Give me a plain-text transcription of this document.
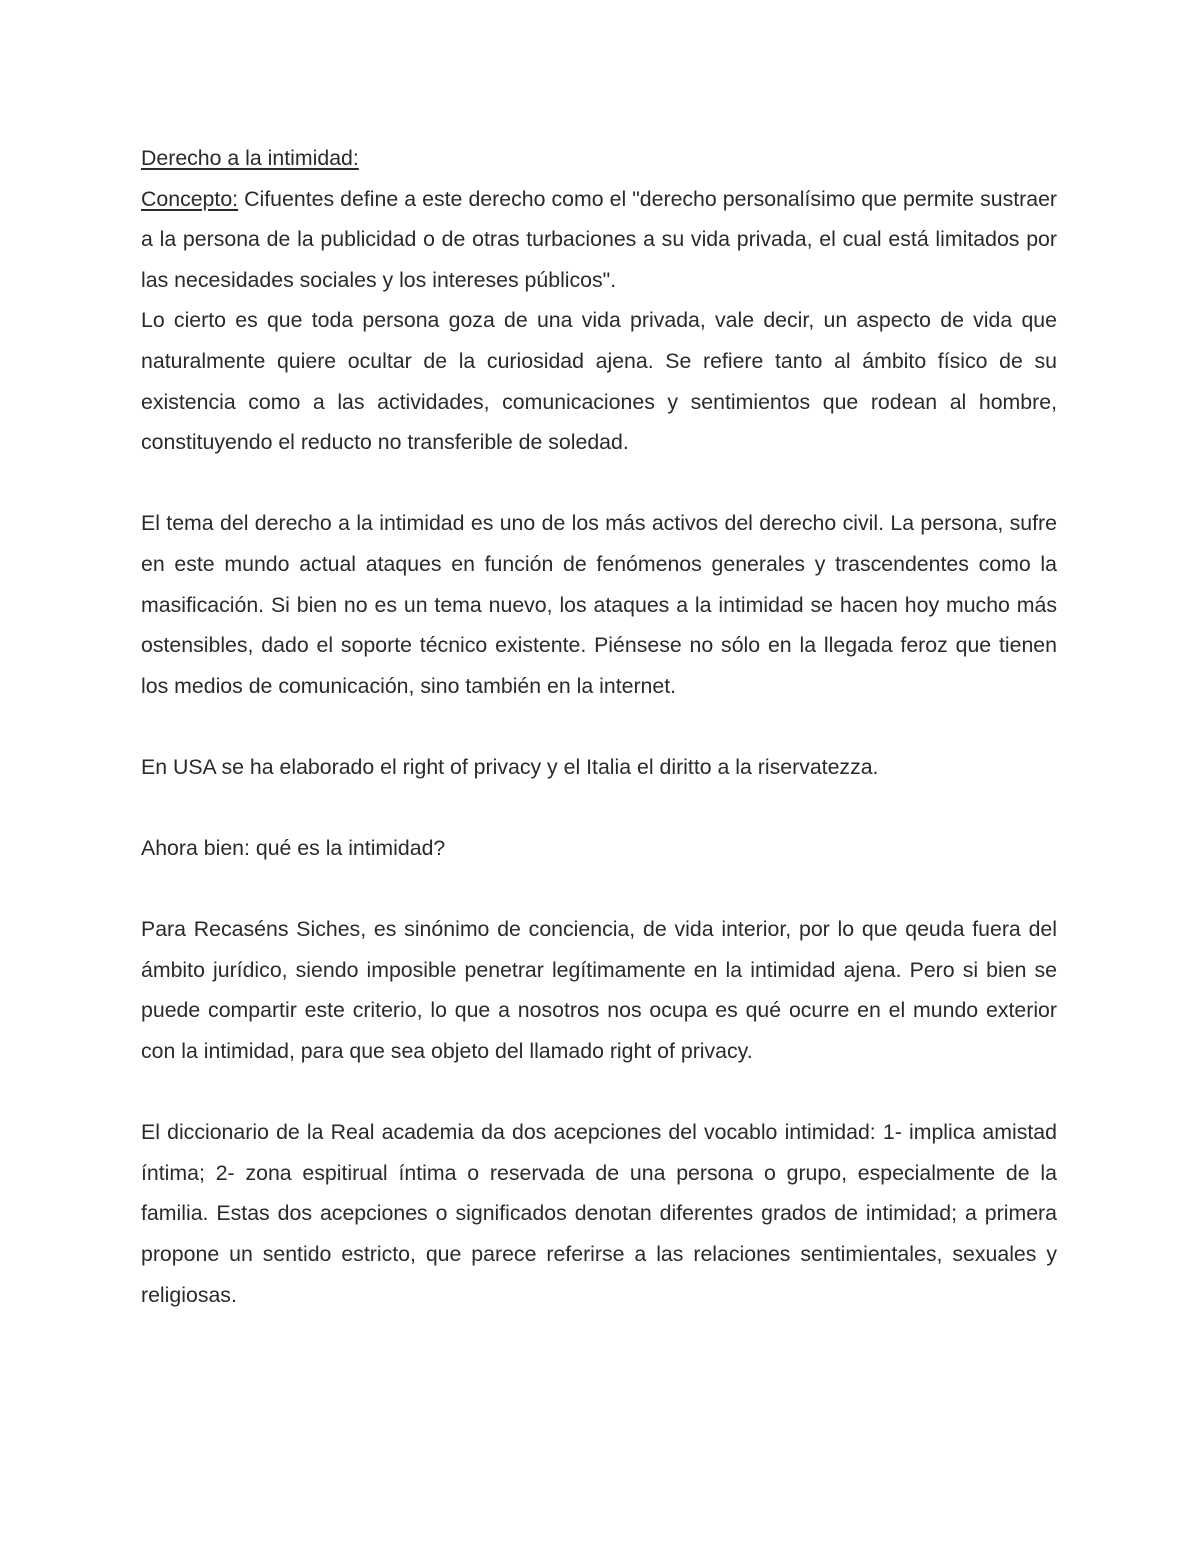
Derecho a la intimidad:

Concepto: Cifuentes define a este derecho como el "derecho personalísimo que permite sustraer a la persona de la publicidad o de otras turbaciones a su vida privada, el cual está limitados por las necesidades sociales y los intereses públicos".

Lo cierto es que toda persona goza de una vida privada, vale decir, un aspecto de vida que naturalmente quiere ocultar de la curiosidad ajena. Se refiere tanto al ámbito físico de su existencia como a las actividades, comunicaciones y sentimientos que rodean al hombre, constituyendo el reducto no transferible de soledad.

El tema del derecho a la intimidad es uno de los más activos del derecho civil. La persona, sufre en este mundo actual ataques en función de fenómenos generales y trascendentes como la masificación. Si bien no es un tema nuevo, los ataques a la intimidad se hacen hoy mucho más ostensibles, dado el soporte técnico existente. Piénsese no sólo en la llegada feroz que tienen los medios de comunicación, sino también en la internet.

En USA se ha elaborado el right of privacy y el Italia el diritto a la riservatezza.

Ahora bien: qué es la intimidad?

Para Recaséns Siches, es sinónimo de conciencia, de vida interior, por lo que qeuda fuera del ámbito jurídico, siendo imposible penetrar legítimamente en la intimidad ajena. Pero si bien se puede compartir este criterio, lo que a nosotros nos ocupa es qué ocurre en el mundo exterior con la intimidad, para que sea objeto del llamado right of privacy.

El diccionario de la Real academia da dos acepciones del vocablo intimidad: 1- implica amistad íntima; 2- zona espitirual íntima o reservada de una persona o grupo, especialmente de la familia. Estas dos acepciones o significados denotan diferentes grados de intimidad; a primera propone un sentido estricto, que parece referirse a las relaciones sentimientales, sexuales y religiosas.
